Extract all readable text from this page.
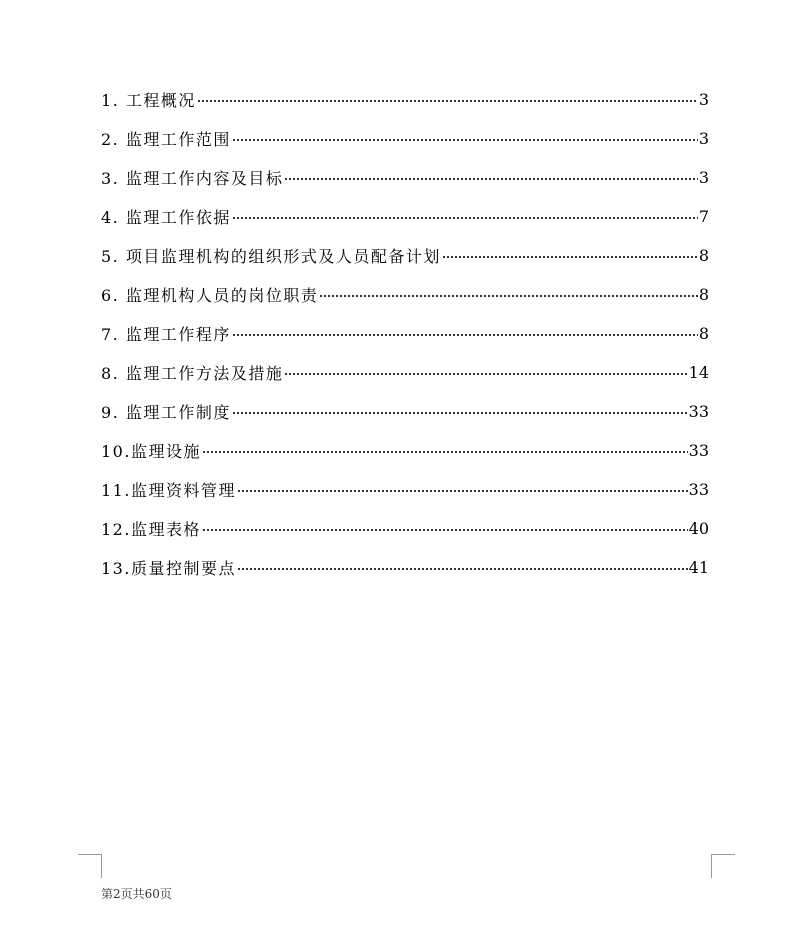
1. 工程概况	3
2. 监理工作范围	3
3. 监理工作内容及目标	3
4. 监理工作依据	7
5. 项目监理机构的组织形式及人员配备计划	8
6. 监理机构人员的岗位职责	8
7. 监理工作程序	8
8. 监理工作方法及措施	14
9. 监理工作制度	33
10.监理设施	33
11.监理资料管理	33
12.监理表格	40
13.质量控制要点	41
第2页共60页
